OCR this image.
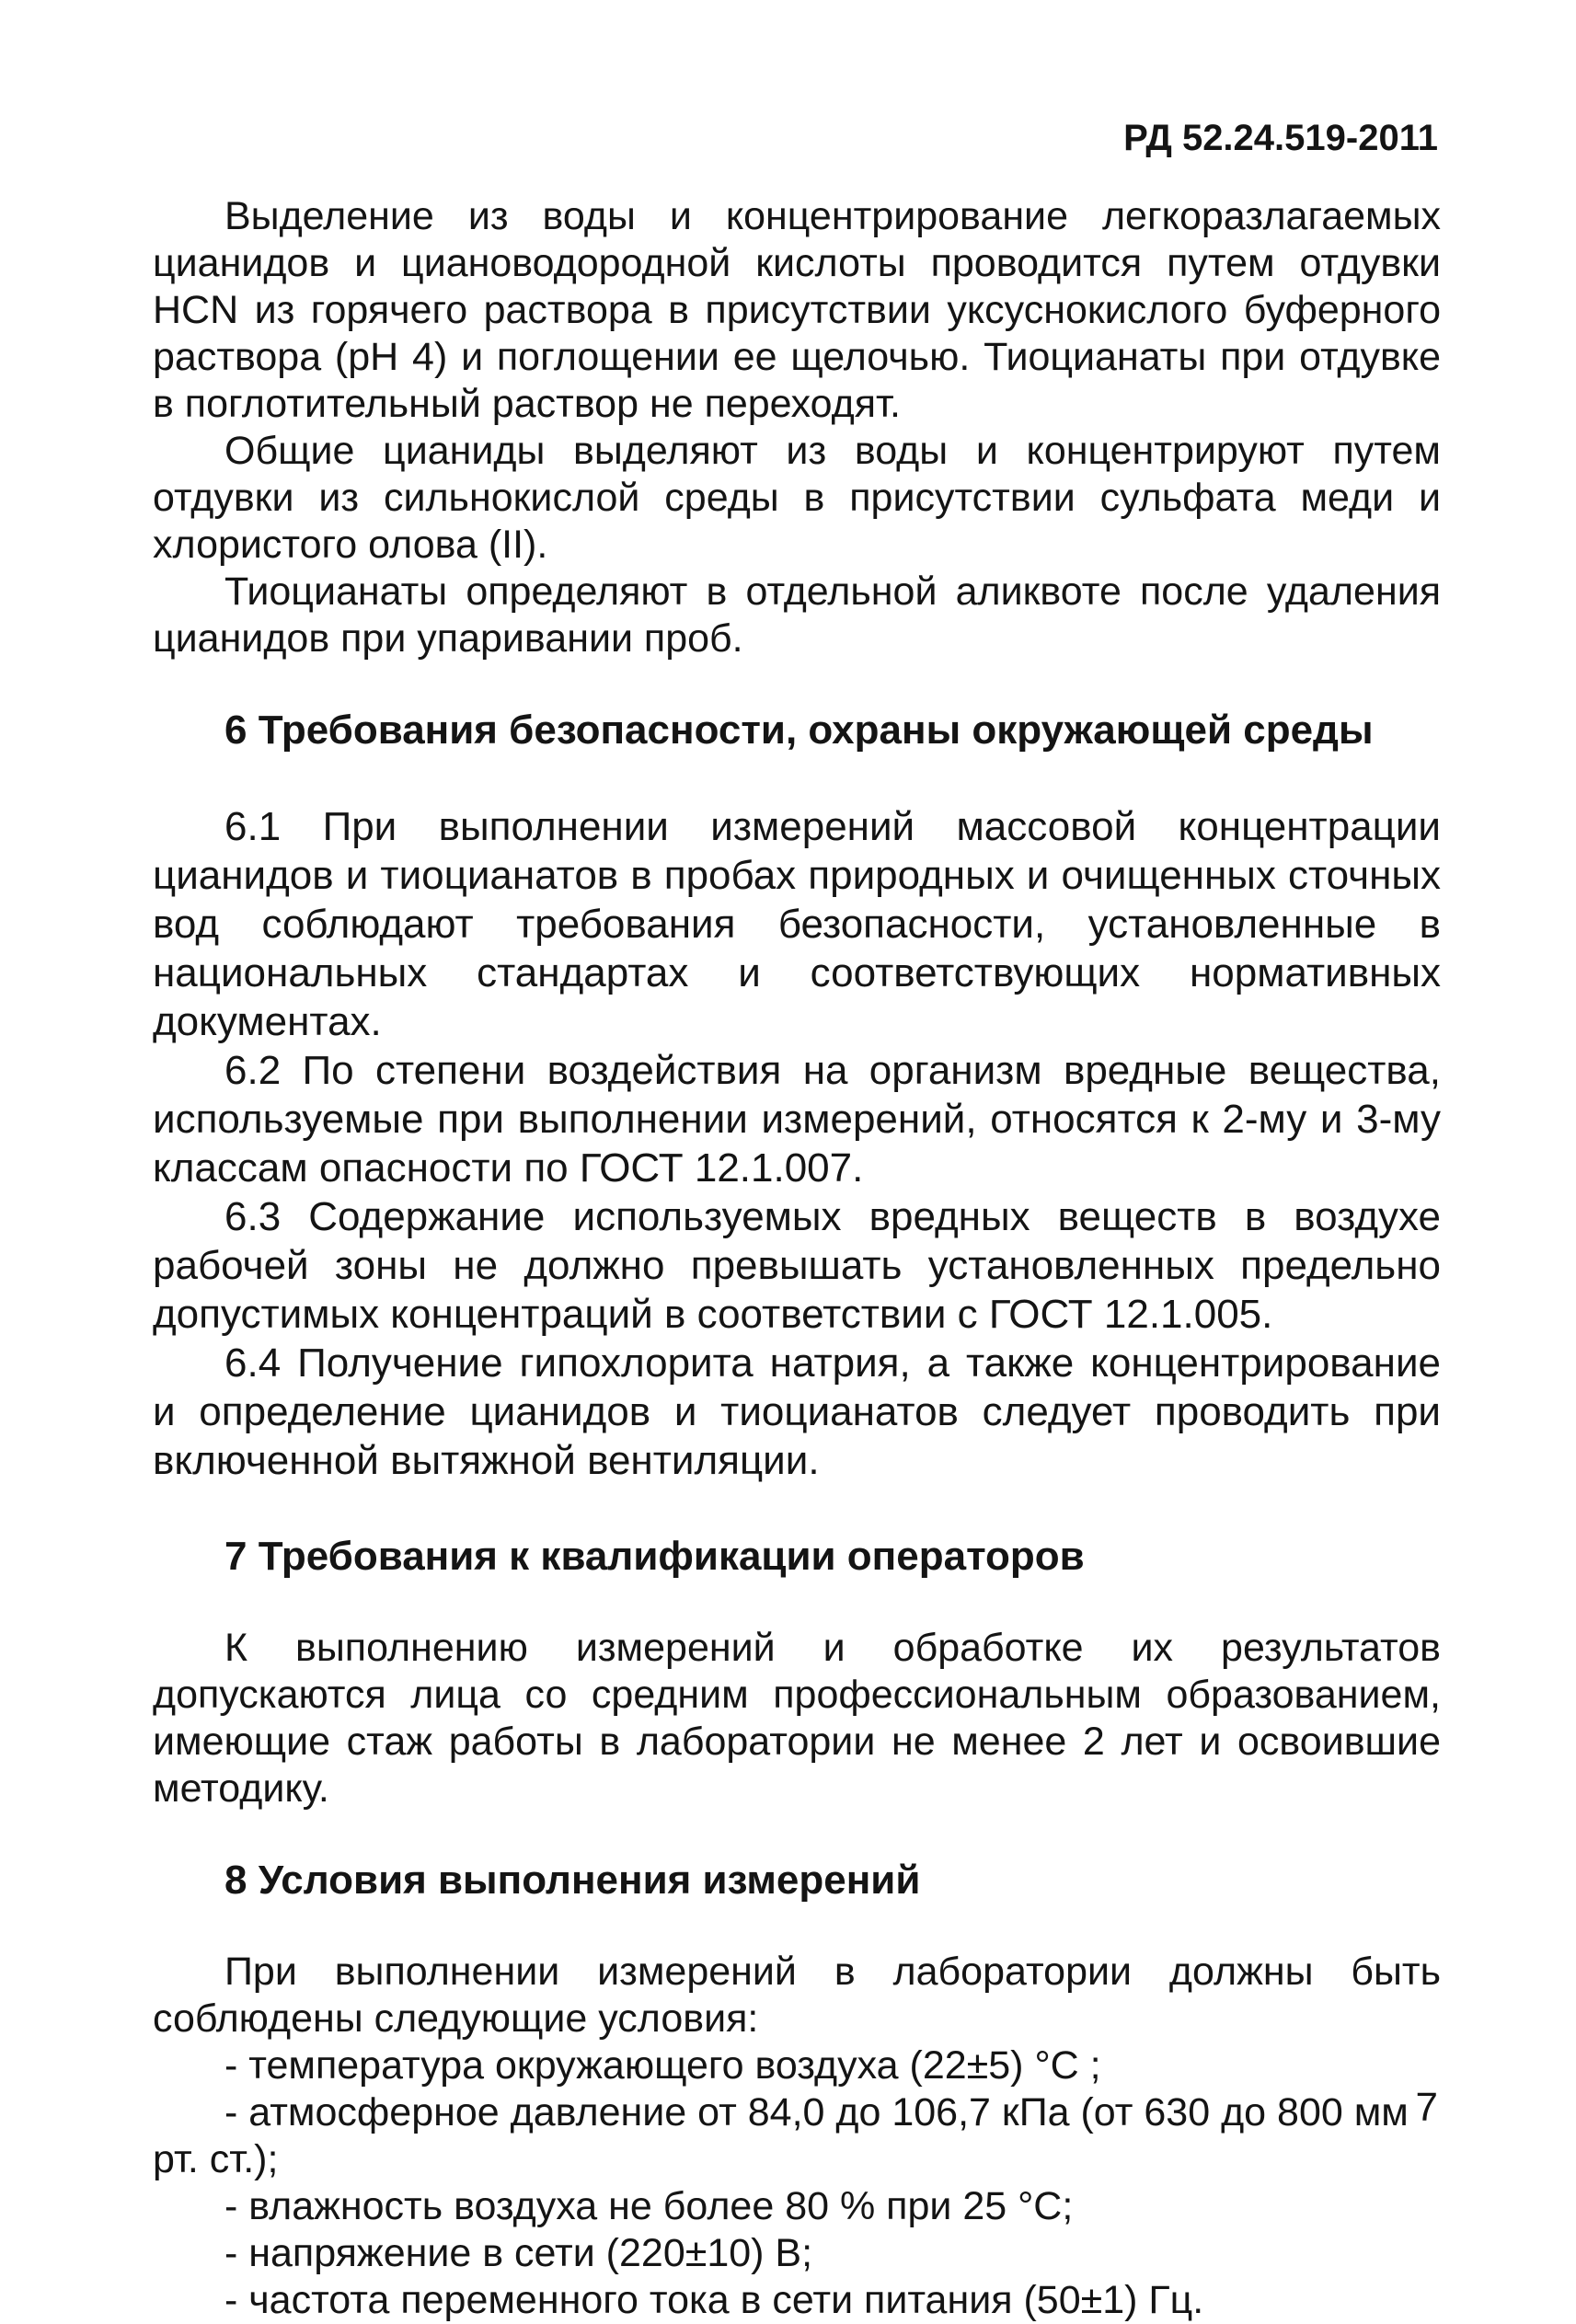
РД 52.24.519-2011

Выделение из воды и концентрирование легкоразлагаемых цианидов и циановодородной кислоты проводится путем отдувки HCN из горячего раствора в присутствии уксуснокислого буферного раствора (pH 4) и поглощении ее щелочью. Тиоцианаты при отдувке в поглотительный раствор не переходят.

Общие цианиды выделяют из воды и концентрируют путем отдувки из сильнокислой среды в присутствии сульфата меди и хлористого олова (II).

Тиоцианаты определяют в отдельной аликвоте после удаления цианидов при упаривании проб.

6 Требования безопасности, охраны окружающей среды

6.1 При выполнении измерений массовой концентрации цианидов и тиоцианатов в пробах природных и очищенных сточных вод соблюдают требования безопасности, установленные в национальных стандартах и соответствующих нормативных документах.

6.2 По степени воздействия на организм вредные вещества, используемые при выполнении измерений, относятся к 2-му и 3-му классам опасности по ГОСТ 12.1.007.

6.3 Содержание используемых вредных веществ в воздухе рабочей зоны не должно превышать установленных предельно допустимых концентраций в соответствии с ГОСТ 12.1.005.

6.4 Получение гипохлорита натрия, а также концентрирование и определение цианидов и тиоцианатов следует проводить при включенной вытяжной вентиляции.

7 Требования к квалификации операторов

К выполнению измерений и обработке их результатов допускаются лица со средним профессиональным образованием, имеющие стаж работы в лаборатории не менее 2 лет и освоившие методику.

8 Условия выполнения измерений

При выполнении измерений в лаборатории должны быть соблюдены следующие условия:

- температура окружающего воздуха (22±5) °C ;

- атмосферное давление от 84,0 до 106,7 кПа (от 630 до 800 мм рт. ст.);

- влажность воздуха не более 80 % при 25 °C;

- напряжение в сети (220±10) В;

- частота переменного тока в сети питания (50±1) Гц.

7
